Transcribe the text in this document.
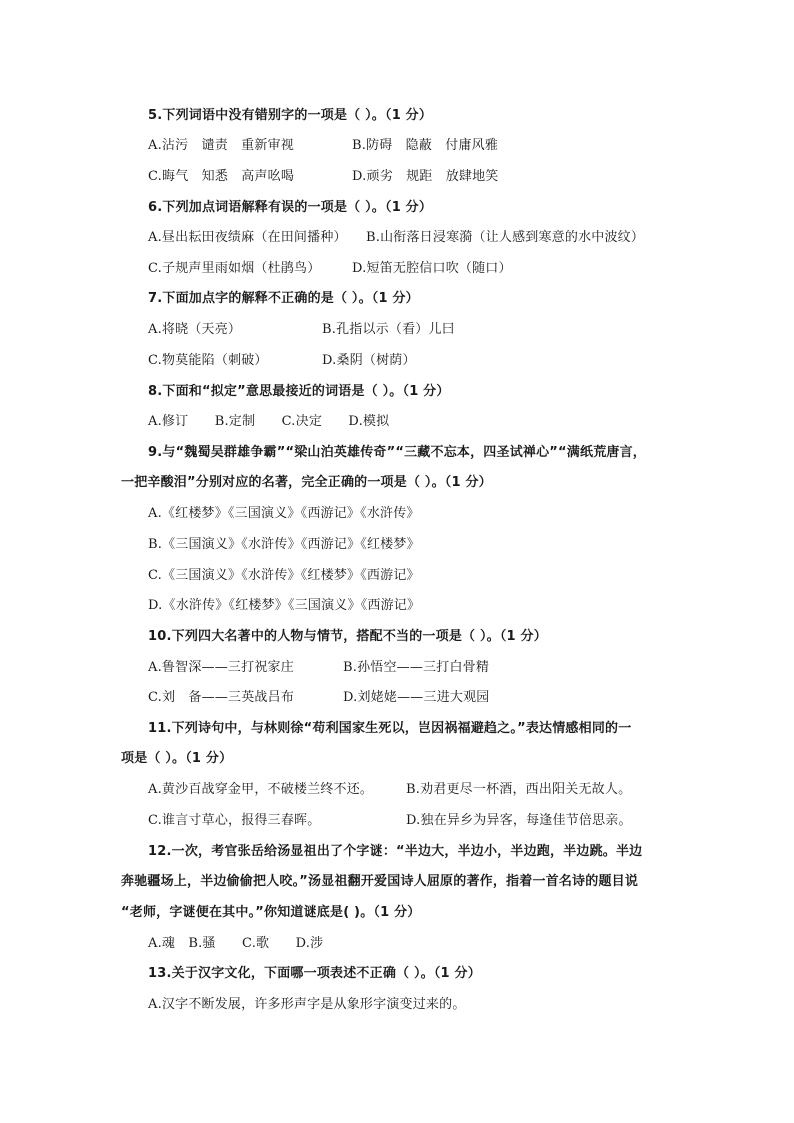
5.下列词语中没有错别字的一项是（ ）。（1 分）
A.沾污　谴责　重新审视	B.防碍　隐蔽　付庸风雅
C.晦气　知悉　高声吆喝	D.顽劣　规距　放肆地笑
6.下列加点词语解释有误的一项是（ ）。（1 分）
A.昼出耘田夜绩麻（在田间播种） B.山衔落日浸寒漪（让人感到寒意的水中波纹）
C.子规声里雨如烟（杜鹃鸟） D.短笛无腔信口吹（随口）
7.下面加点字的解释不正确的是（ ）。（1 分）
A.将晓（天亮）	B.孔指以示（看）儿曰
C.物莫能陷（刺破）	D.桑阴（树荫）
8.下面和“拟定”意思最接近的词语是（ ）。（1 分）
A.修订　　B.定制　　C.决定　　D.模拟
9.与“魏蜀吴群雄争霸”“梁山泊英雄传奇”“三藏不忘本，四圣试禅心”“满纸荒唐言，
一把辛酸泪”分别对应的名著，完全正确的一项是（ ）。（1 分）
A.《红楼梦》《三国演义》《西游记》《水浒传》
B.《三国演义》《水浒传》《西游记》《红楼梦》
C.《三国演义》《水浒传》《红楼梦》《西游记》
D.《水浒传》《红楼梦》《三国演义》《西游记》
10.下列四大名著中的人物与情节，搭配不当的一项是（ ）。（1 分）
A.鲁智深——三打祝家庄	B.孙悟空——三打白骨精
C.刘　备——三英战吕布	D.刘姥姥——三进大观园
11.下列诗句中，与林则徐“苟利国家生死以，岂因祸福避趋之。”表达情感相同的一
项是（ ）。（1 分）
A.黄沙百战穿金甲，不破楼兰终不还。	B.劝君更尽一杯酒，西出阳关无故人。
C.谁言寸草心，报得三春晖。	D.独在异乡为异客，每逢佳节倍思亲。
12.一次，考官张岳给汤显祖出了个字谜：“半边大，半边小，半边跑，半边跳。半边
奔驰疆场上，半边偷偷把人咬。”汤显祖翻开爱国诗人屈原的著作，指着一首名诗的题目说
“老师，字谜便在其中。”你知道谜底是( )。（1 分）
A.魂　B.骚　　C.歌　　D.涉
13.关于汉字文化，下面哪一项表述不正确（ ）。（1 分）
A.汉字不断发展，许多形声字是从象形字演变过来的。
